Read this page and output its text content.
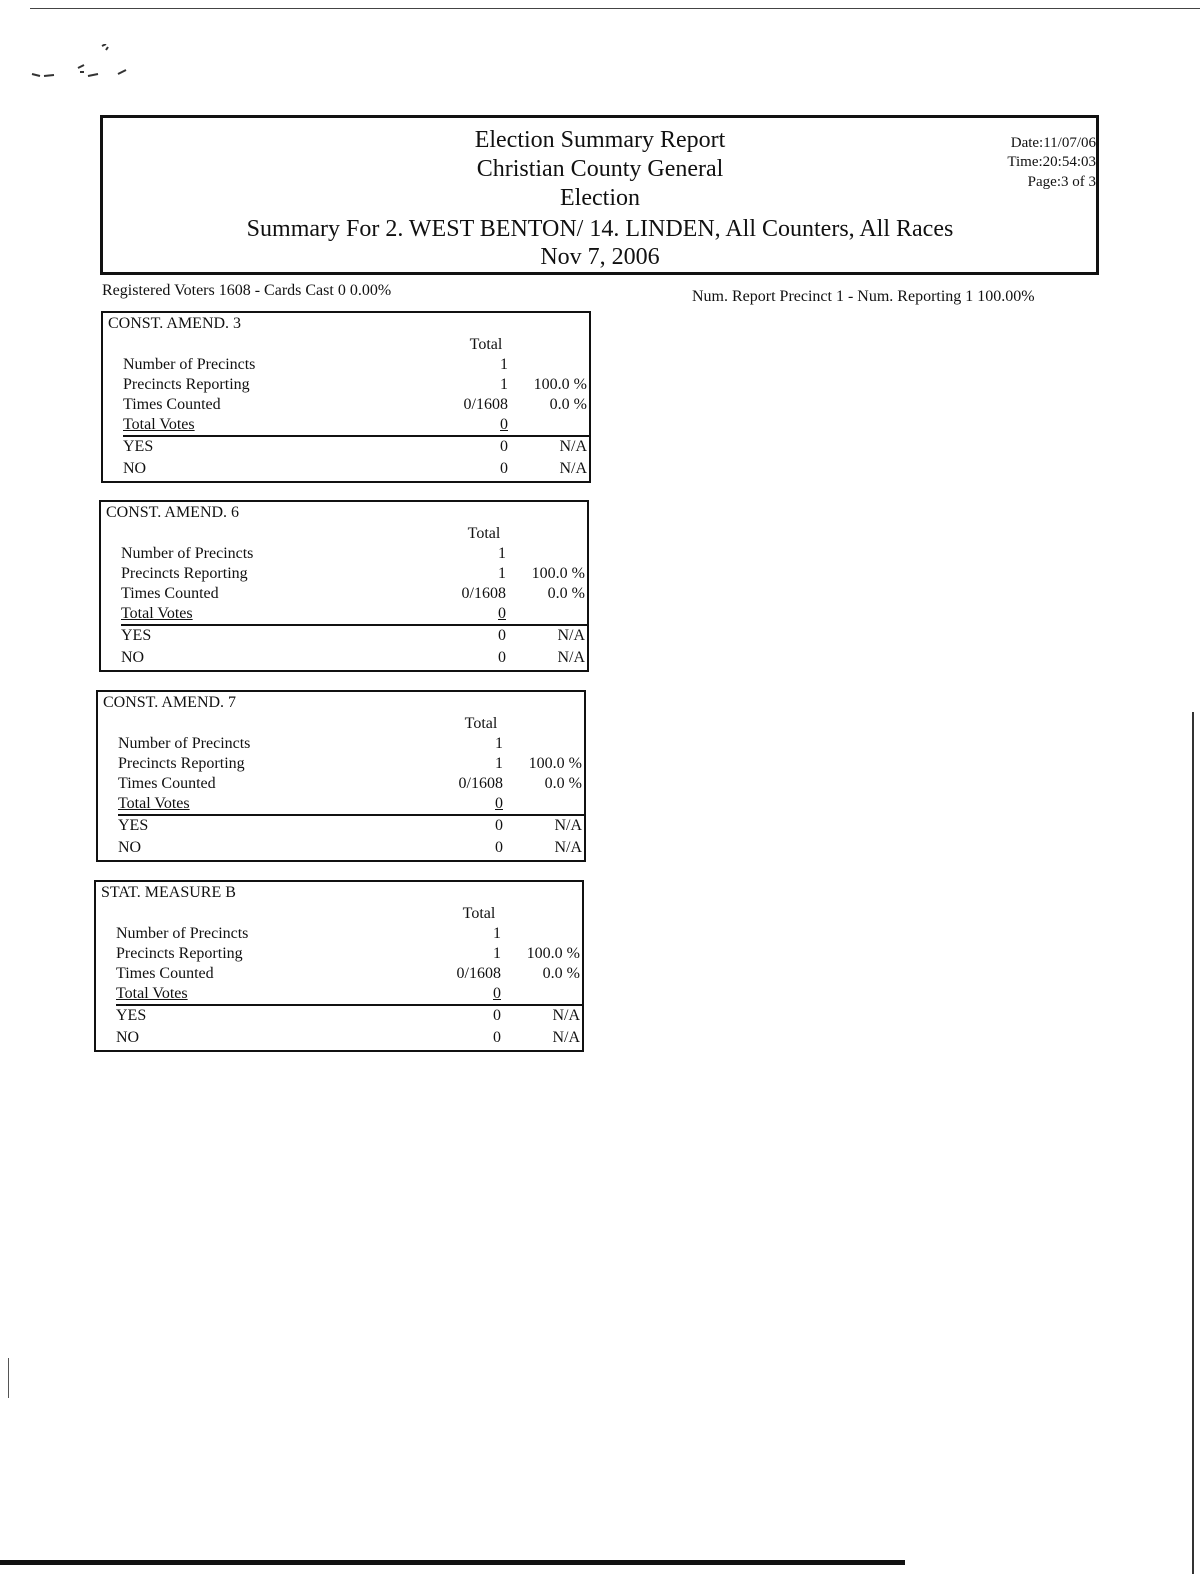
Election Summary Report
Christian County General
Election
Summary For 2. WEST BENTON/ 14. LINDEN, All Counters, All Races
Nov 7, 2006
Date:11/07/06
Time:20:54:03
Page:3 of 3
Registered Voters 1608 - Cards Cast 0 0.00%	Num. Report Precinct 1 - Num. Reporting 1 100.00%
CONST. AMEND. 3
Total
Number of Precincts	1
Precincts Reporting	1 100.0 %
Times Counted	0/1608	0.0 %
Total Votes	0
YES	0	N/A
NO	0	N/A
CONST. AMEND. 6
Total
Number of Precincts	1
Precincts Reporting	1 100.0 %
Times Counted	0/1608	0.0 %
Total Votes	0
YES	0	N/A
NO	0	N/A
CONST. AMEND. 7
Total
Number of Precincts	1
Precincts Reporting	1 100.0 %
Times Counted	0/1608	0.0 %
Total Votes	0
YES	0	N/A
NO	0	N/A
STAT. MEASURE B
Total
Number of Precincts	1
Precincts Reporting	1 100.0 %
Times Counted	0/1608	0.0 %
Total Votes	0
YES	0	N/A
NO	0	N/A
